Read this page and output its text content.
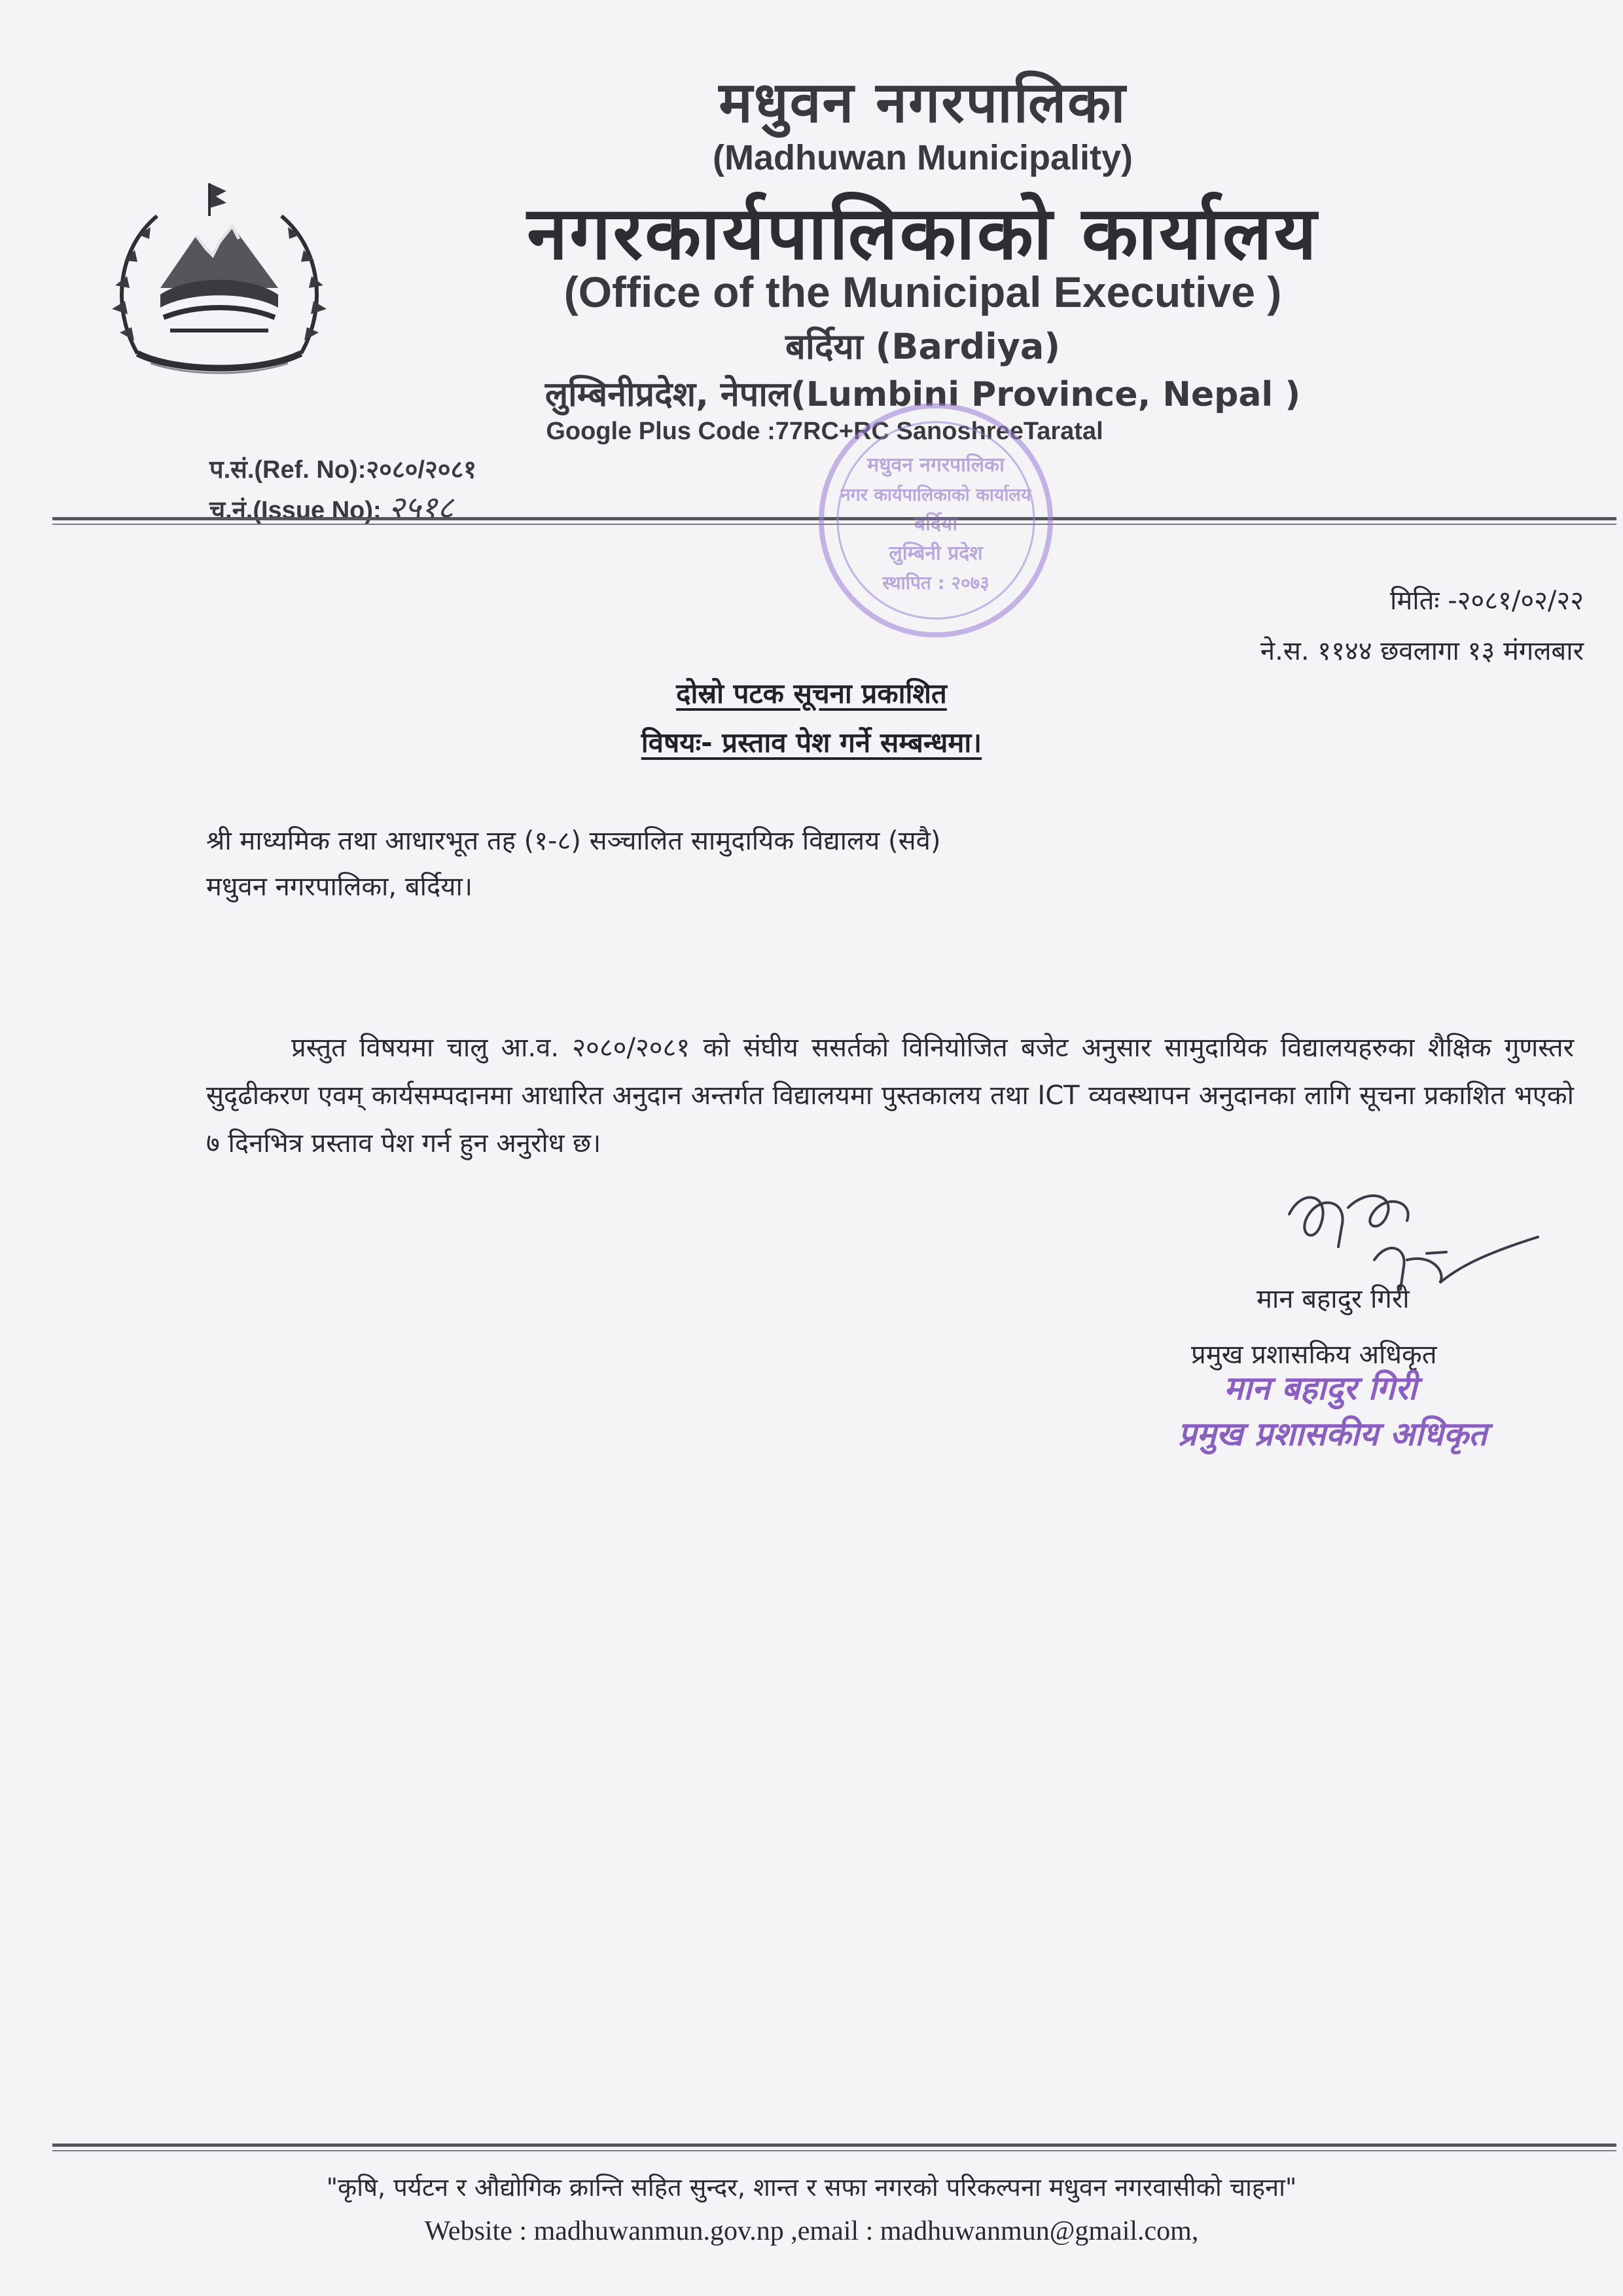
मधुवन नगरपालिका
(Madhuwan Municipality)
नगरकार्यपालिकाको कार्यालय
(Office of the Municipal Executive )
बर्दिया (Bardiya)
लुम्बिनीप्रदेश, नेपाल(Lumbini Province, Nepal )
Google Plus Code :77RC+RC SanoshreeTaratal
प.सं.(Ref. No):२०८०/२०८१
च.नं.(Issue No): २५१८
मधुवन नगरपालिका
नगर कार्यपालिकाको कार्यालय
बर्दिया
लुम्बिनी प्रदेश
स्थापित : २०७३
मितिः -२०८१/०२/२२
ने.स. ११४४ छवलागा १३ मंगलबार
दोस्रो पटक सूचना प्रकाशित
विषयः- प्रस्ताव पेश गर्ने सम्बन्धमा।
श्री माध्यमिक तथा आधारभूत तह (१-८) सञ्चालित सामुदायिक विद्यालय (सवै)
मधुवन नगरपालिका, बर्दिया।
प्रस्तुत विषयमा चालु आ.व. २०८०/२०८१ को संघीय ससर्तको विनियोजित बजेट अनुसार सामुदायिक विद्यालयहरुका शैक्षिक गुणस्तर सुदृढीकरण एवम् कार्यसम्पदानमा आधारित अनुदान अन्तर्गत विद्यालयमा पुस्तकालय तथा ICT व्यवस्थापन अनुदानका लागि सूचना प्रकाशित भएको ७ दिनभित्र प्रस्ताव पेश गर्न हुन अनुरोध छ।
मान बहादुर गिरी
प्रमुख प्रशासकिय अधिकृत
मान बहादुर गिरी
प्रमुख प्रशासकीय अधिकृत
"कृषि, पर्यटन र औद्योगिक क्रान्ति सहित सुन्दर, शान्त र सफा नगरको परिकल्पना मधुवन नगरवासीको चाहना"
Website : madhuwanmun.gov.np ,email : madhuwanmun@gmail.com,
